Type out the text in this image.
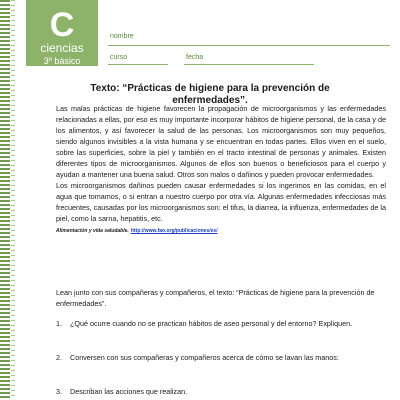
C
ciencias
3º básico
nombre
curso	fecha
Texto: “Prácticas de higiene para la prevención de enfermedades”.
Las malas prácticas de higiene favorecen la propagación de microorganismos y las enfermedades relacionadas a ellas, por eso es muy importante incorporar hábitos de higiene personal, de la casa y de los alimentos, y así favorecer la salud de las personas. Los microorganismos son muy pequeños, siendo algunos invisibles a la vista humana y se encuentran en todas partes. Ellos viven en el suelo, sobre las superficies, sobre la piel y también en el tracto intestinal de personas y animales. Existen diferentes tipos de microorganismos. Algunos de ellos son buenos o beneficiosos para el cuerpo y ayudan a mantener una buena salud. Otros son malos o dañinos y pueden provocar enfermedades.
Los microorganismos dañinos pueden causar enfermedades si los ingerimos en las comidas, en el agua que tomamos, o si entran a nuestro cuerpo por otra vía. Algunas enfermedades infecciosas más frecuentes, causadas por los microorganismos son: el tifus, la diarrea, la influenza, enfermedades de la piel, como la sarna, hepatitis, etc.
Alimentación y vida saludable. http://www.fao.org/publicaciones/es/
Lean junto con sus compañeras y compañeros, el texto: “Prácticas de higiene para la prevención de enfermedades”.
1. ¿Qué ocurre cuando no se practican hábitos de aseo personal y del entorno? Expliquen.
2. Conversen con sus compañeras y compañeros acerca de cómo se lavan las manos:
3. Describan las acciones que realizan.
